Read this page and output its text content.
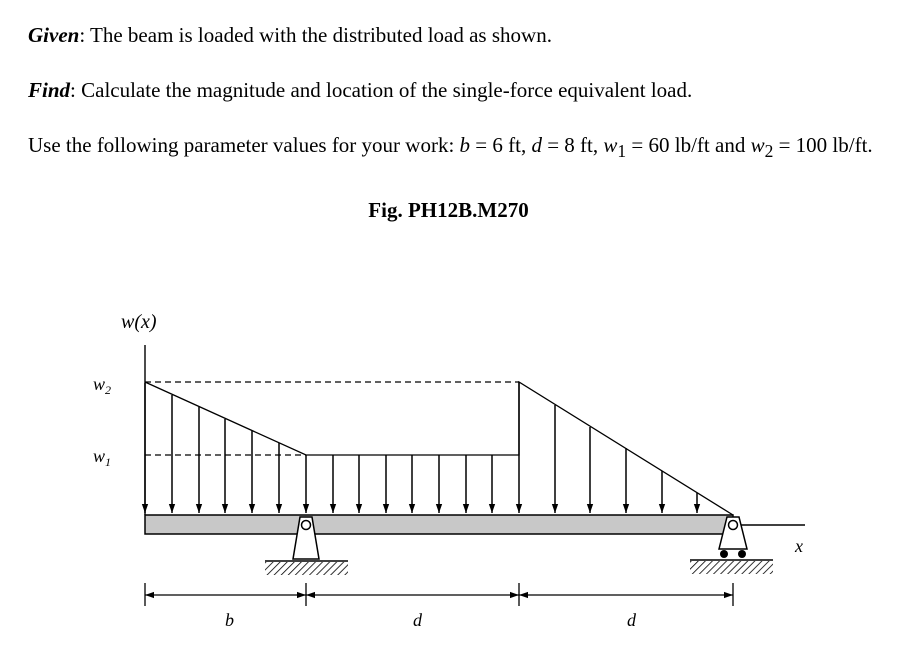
Given: The beam is loaded with the distributed load as shown.

Find: Calculate the magnitude and location of the single-force equivalent load.

Use the following parameter values for your work: b = 6 ft, d = 8 ft, $w_1 = 60$ lb/ft and $w_2 = 100$ lb/ft.

Fig. PH12B.M270
w(x)
$w_2$
$w_1$
x
b	d	d
